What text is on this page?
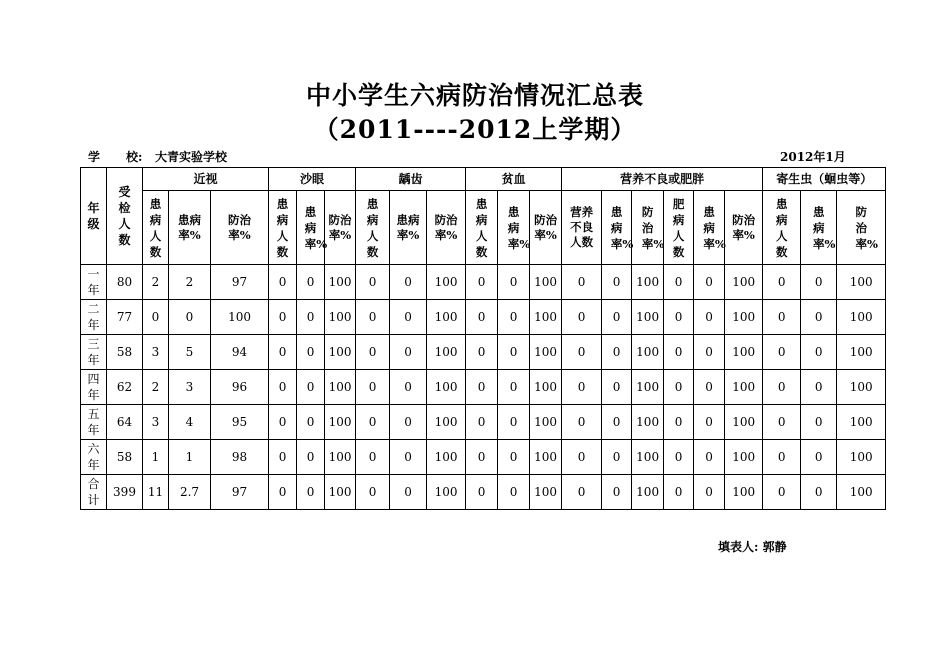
中小学生六病防治情况汇总表
（2011----2012上学期）
学 校: 大青实验学校	2012年1月
年级	受检人数	近视			沙眼			龋齿			贫血			营养不良或肥胖						寄生虫（蛔虫等）		
		患病人数	患病率%	防治率%	患病人数	患病率%	防治率%	患病人数	患病率%	防治率%	患病人数	患病率%	防治率%	营养不良人数	患病率%	防治率%	肥病人数	患病率%	防治率%	患病人数	患病率%	防治率%
一年	80	2	2	97	0	0	100	0	0	100	0	0	100	0	0	100	0	0	100	0	0	100
二年	77	0	0	100	0	0	100	0	0	100	0	0	100	0	0	100	0	0	100	0	0	100
三年	58	3	5	94	0	0	100	0	0	100	0	0	100	0	0	100	0	0	100	0	0	100
四年	62	2	3	96	0	0	100	0	0	100	0	0	100	0	0	100	0	0	100	0	0	100
五年	64	3	4	95	0	0	100	0	0	100	0	0	100	0	0	100	0	0	100	0	0	100
六年	58	1	1	98	0	0	100	0	0	100	0	0	100	0	0	100	0	0	100	0	0	100
合计	399	11	2.7	97	0	0	100	0	0	100	0	0	100	0	0	100	0	0	100	0	0	100
填表人: 郭静
